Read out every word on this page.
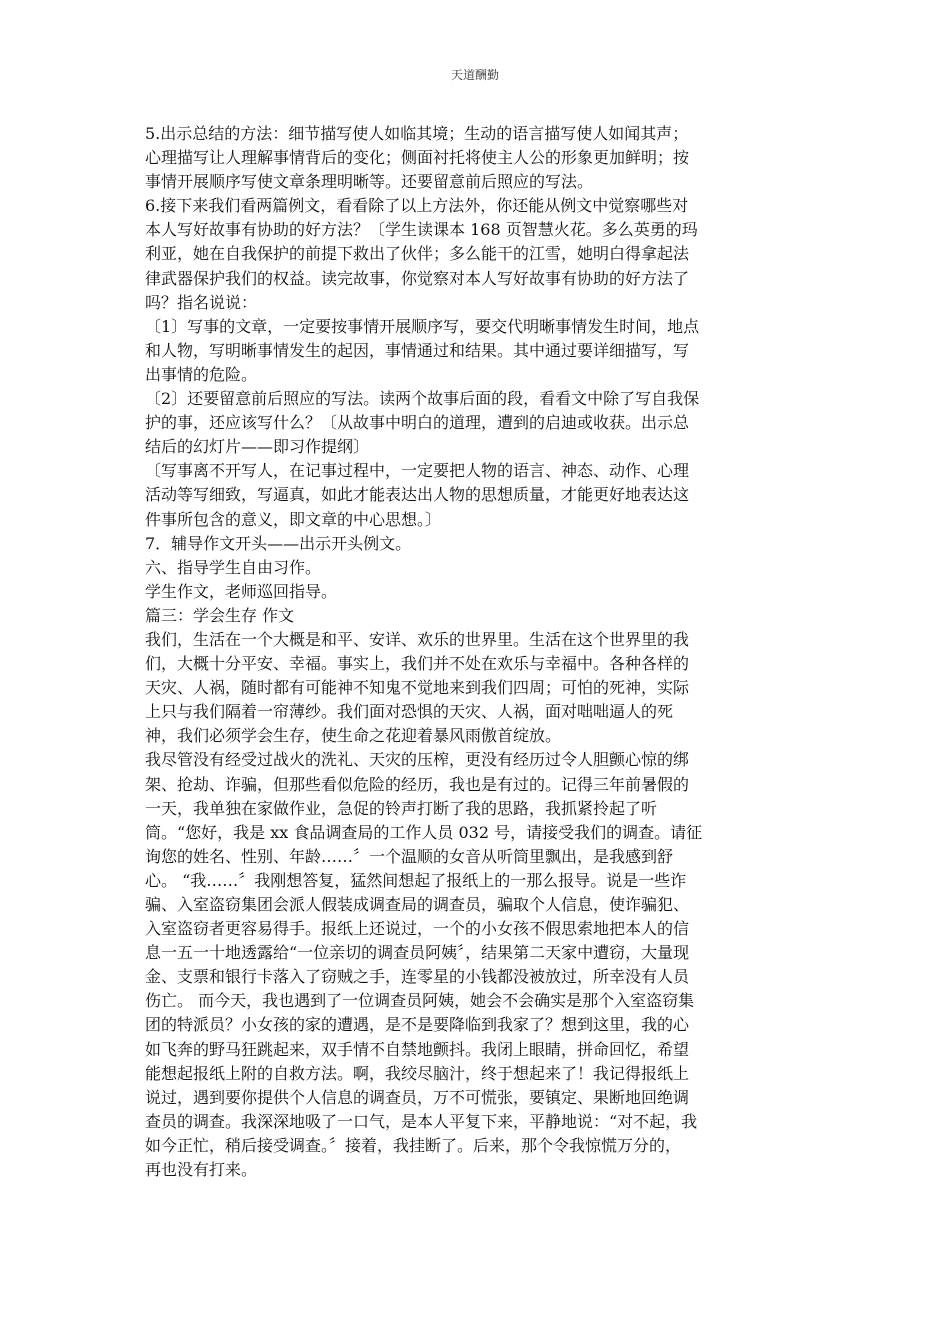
天道酬勤
5.出示总结的方法：细节描写使人如临其境；生动的语言描写使人如闻其声；
心理描写让人理解事情背后的变化；侧面衬托将使主人公的形象更加鲜明；按
事情开展顺序写使文章条理明晰等。还要留意前后照应的写法。
6.接下来我们看两篇例文，看看除了以上方法外，你还能从例文中觉察哪些对
本人写好故事有协助的好方法？〔学生读课本 168 页智慧火花。多么英勇的玛
利亚，她在自我保护的前提下救出了伙伴；多么能干的江雪，她明白得拿起法
律武器保护我们的权益。读完故事，你觉察对本人写好故事有协助的好方法了
吗？指名说说：
〔1〕写事的文章，一定要按事情开展顺序写，要交代明晰事情发生时间，地点
和人物，写明晰事情发生的起因，事情通过和结果。其中通过要详细描写，写
出事情的危险。
〔2〕还要留意前后照应的写法。读两个故事后面的段，看看文中除了写自我保
护的事，还应该写什么？〔从故事中明白的道理，遭到的启迪或收获。出示总
结后的幻灯片——即习作提纲〕
〔写事离不开写人，在记事过程中，一定要把人物的语言、神态、动作、心理
活动等写细致，写逼真，如此才能表达出人物的思想质量，才能更好地表达这
件事所包含的意义，即文章的中心思想。〕
7．辅导作文开头——出示开头例文。
六、指导学生自由习作。
学生作文，老师巡回指导。
篇三：学会生存 作文
我们，生活在一个大概是和平、安详、欢乐的世界里。生活在这个世界里的我
们，大概十分平安、幸福。事实上，我们并不处在欢乐与幸福中。各种各样的
天灾、人祸，随时都有可能神不知鬼不觉地来到我们四周；可怕的死神，实际
上只与我们隔着一帘薄纱。我们面对恐惧的天灾、人祸，面对咄咄逼人的死
神，我们必须学会生存，使生命之花迎着暴风雨傲首绽放。
我尽管没有经受过战火的洗礼、天灾的压榨，更没有经历过令人胆颤心惊的绑
架、抢劫、诈骗，但那些看似危险的经历，我也是有过的。记得三年前暑假的
一天，我单独在家做作业，急促的铃声打断了我的思路，我抓紧拎起了听
筒。“您好，我是 xx 食品调查局的工作人员 032 号，请接受我们的调查。请征
询您的姓名、性别、年龄……〞一个温顺的女音从听筒里飘出，是我感到舒
心。 “我……〞我刚想答复，猛然间想起了报纸上的一那么报导。说是一些诈
骗、入室盗窃集团会派人假装成调查局的调查员，骗取个人信息，使诈骗犯、
入室盗窃者更容易得手。报纸上还说过，一个的小女孩不假思索地把本人的信
息一五一十地透露给“一位亲切的调查员阿姨〞，结果第二天家中遭窃，大量现
金、支票和银行卡落入了窃贼之手，连零星的小钱都没被放过，所幸没有人员
伤亡。 而今天，我也遇到了一位调查员阿姨，她会不会确实是那个入室盗窃集
团的特派员？小女孩的家的遭遇，是不是要降临到我家了？想到这里，我的心
如飞奔的野马狂跳起来，双手情不自禁地颤抖。我闭上眼睛，拼命回忆，希望
能想起报纸上附的自救方法。啊，我绞尽脑汁，终于想起来了！我记得报纸上
说过，遇到要你提供个人信息的调查员，万不可慌张，要镇定、果断地回绝调
查员的调查。我深深地吸了一口气，是本人平复下来，平静地说：“对不起，我
如今正忙，稍后接受调查。〞接着，我挂断了。后来，那个令我惊慌万分的，
再也没有打来。
